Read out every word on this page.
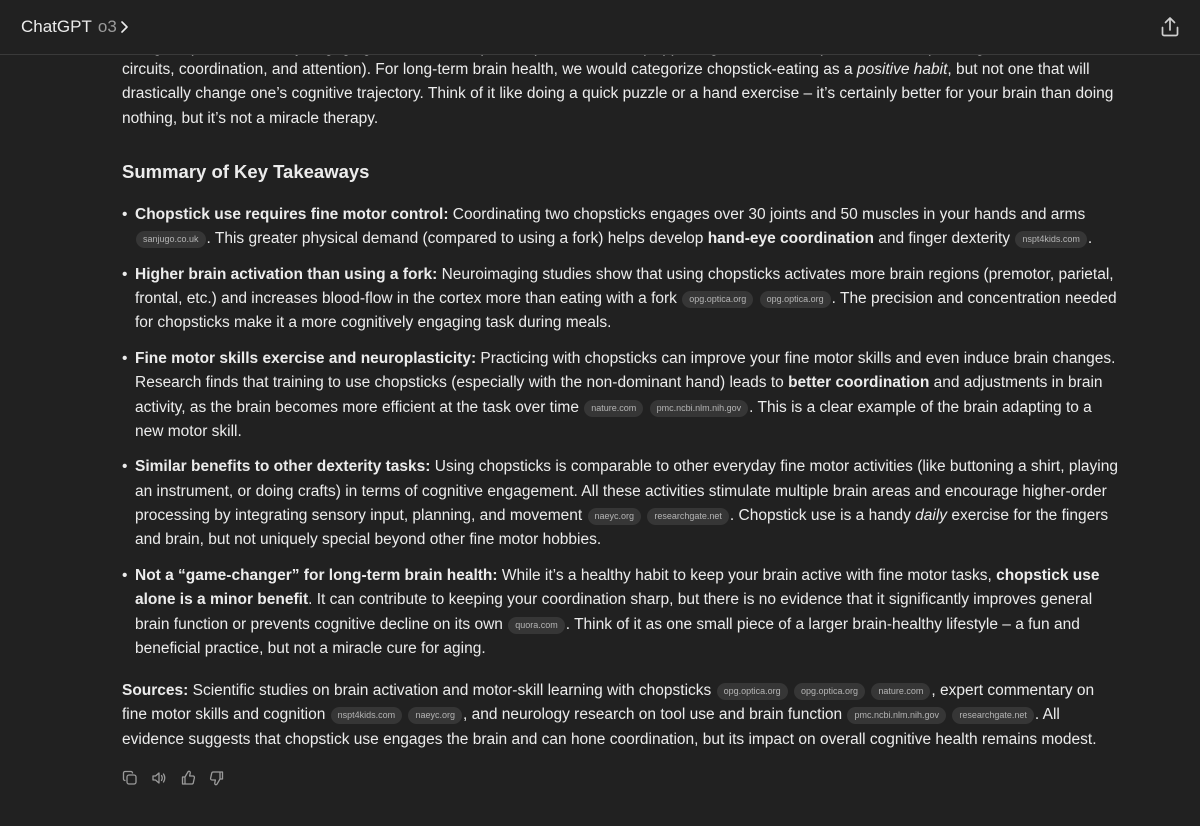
ChatGPT o3

circuits, coordination, and attention). For long-term brain health, we would categorize chopstick-eating as a positive habit, but not one that will drastically change one’s cognitive trajectory. Think of it like doing a quick puzzle or a hand exercise – it’s certainly better for your brain than doing nothing, but it’s not a miracle therapy.

Summary of Key Takeaways
• Chopstick use requires fine motor control: Coordinating two chopsticks engages over 30 joints and 50 muscles in your hands and arms sanjugo.co.uk . This greater physical demand (compared to using a fork) helps develop hand-eye coordination and finger dexterity nspt4kids.com .
• Higher brain activation than using a fork: Neuroimaging studies show that using chopsticks activates more brain regions (premotor, parietal, frontal, etc.) and increases blood-flow in the cortex more than eating with a fork opg.optica.org opg.optica.org . The precision and concentration needed for chopsticks make it a more cognitively engaging task during meals.
• Fine motor skills exercise and neuroplasticity: Practicing with chopsticks can improve your fine motor skills and even induce brain changes. Research finds that training to use chopsticks (especially with the non-dominant hand) leads to better coordination and adjustments in brain activity, as the brain becomes more efficient at the task over time nature.com pmc.ncbi.nlm.nih.gov . This is a clear example of the brain adapting to a new motor skill.
• Similar benefits to other dexterity tasks: Using chopsticks is comparable to other everyday fine motor activities (like buttoning a shirt, playing an instrument, or doing crafts) in terms of cognitive engagement. All these activities stimulate multiple brain areas and encourage higher-order processing by integrating sensory input, planning, and movement naeyc.org researchgate.net . Chopstick use is a handy daily exercise for the fingers and brain, but not uniquely special beyond other fine motor hobbies.
• Not a “game-changer” for long-term brain health: While it’s a healthy habit to keep your brain active with fine motor tasks, chopstick use alone is a minor benefit. It can contribute to keeping your coordination sharp, but there is no evidence that it significantly improves general brain function or prevents cognitive decline on its own quora.com . Think of it as one small piece of a larger brain-healthy lifestyle – a fun and beneficial practice, but not a miracle cure for aging.

Sources: Scientific studies on brain activation and motor-skill learning with chopsticks opg.optica.org opg.optica.org nature.com , expert commentary on fine motor skills and cognition nspt4kids.com naeyc.org , and neurology research on tool use and brain function pmc.ncbi.nlm.nih.gov researchgate.net . All evidence suggests that chopstick use engages the brain and can hone coordination, but its impact on overall cognitive health remains modest.
